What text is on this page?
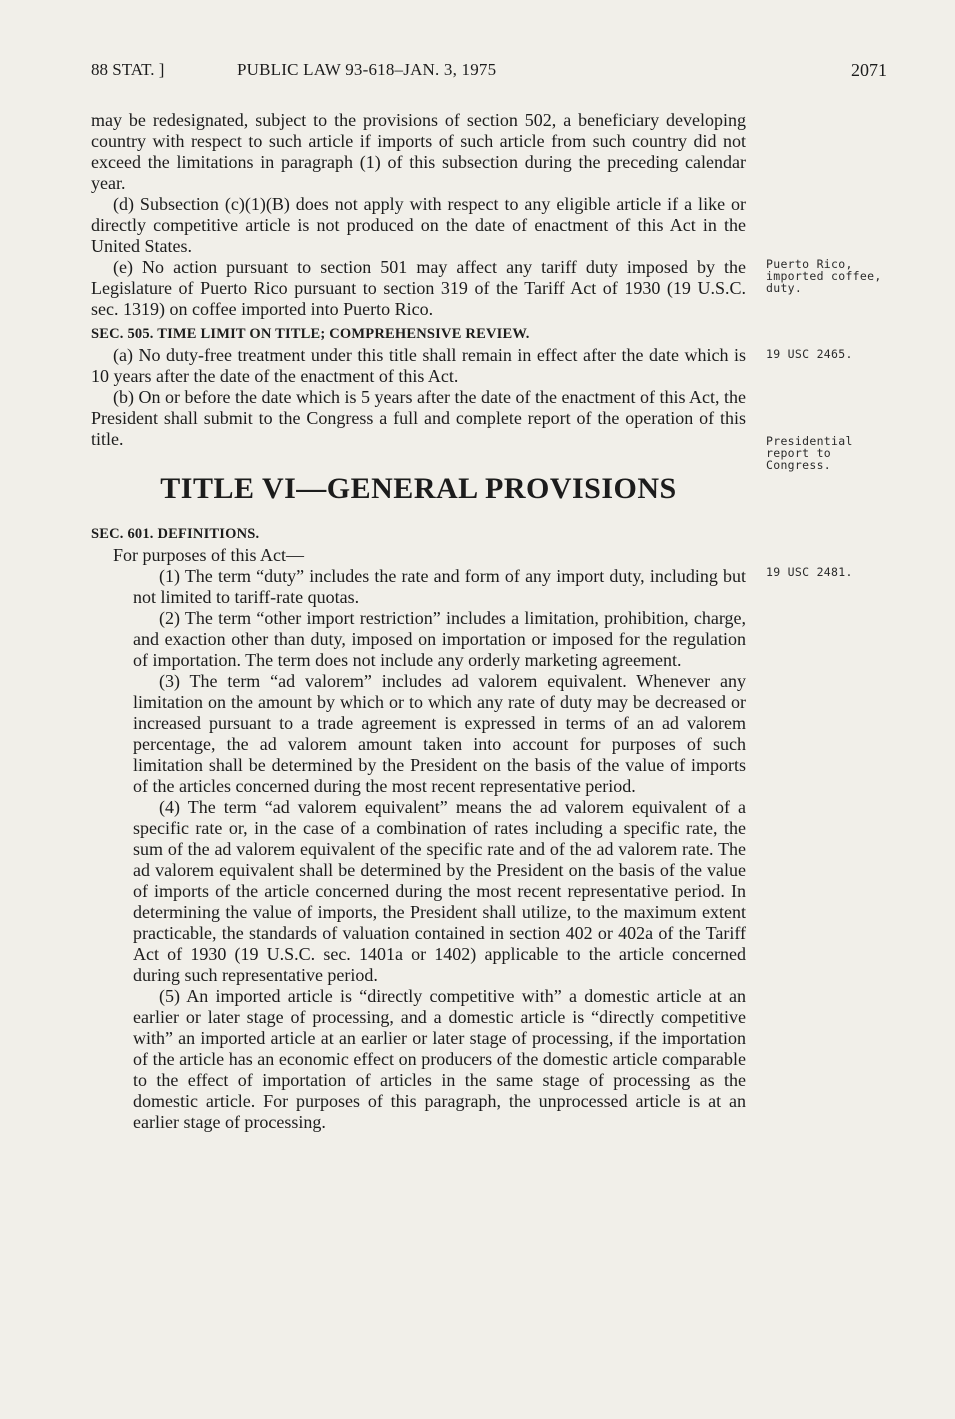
88 STAT. ]	PUBLIC LAW 93-618–JAN. 3, 1975	2071

may be redesignated, subject to the provisions of section 502, a beneficiary developing country with respect to such article if imports of such article from such country did not exceed the limitations in paragraph (1) of this subsection during the preceding calendar year.

(d) Subsection (c)(1)(B) does not apply with respect to any eligible article if a like or directly competitive article is not produced on the date of enactment of this Act in the United States.

(e) No action pursuant to section 501 may affect any tariff duty imposed by the Legislature of Puerto Rico pursuant to section 319 of the Tariff Act of 1930 (19 U.S.C. sec. 1319) on coffee imported into Puerto Rico.

SEC. 505. TIME LIMIT ON TITLE; COMPREHENSIVE REVIEW.

(a) No duty-free treatment under this title shall remain in effect after the date which is 10 years after the date of the enactment of this Act.

(b) On or before the date which is 5 years after the date of the enactment of this Act, the President shall submit to the Congress a full and complete report of the operation of this title.

TITLE VI—GENERAL PROVISIONS

SEC. 601. DEFINITIONS.

For purposes of this Act—

(1) The term “duty” includes the rate and form of any import duty, including but not limited to tariff-rate quotas.

(2) The term “other import restriction” includes a limitation, prohibition, charge, and exaction other than duty, imposed on importation or imposed for the regulation of importation. The term does not include any orderly marketing agreement.

(3) The term “ad valorem” includes ad valorem equivalent. Whenever any limitation on the amount by which or to which any rate of duty may be decreased or increased pursuant to a trade agreement is expressed in terms of an ad valorem percentage, the ad valorem amount taken into account for purposes of such limitation shall be determined by the President on the basis of the value of imports of the articles concerned during the most recent representative period.

(4) The term “ad valorem equivalent” means the ad valorem equivalent of a specific rate or, in the case of a combination of rates including a specific rate, the sum of the ad valorem equivalent of the specific rate and of the ad valorem rate. The ad valorem equivalent shall be determined by the President on the basis of the value of imports of the article concerned during the most recent representative period. In determining the value of imports, the President shall utilize, to the maximum extent practicable, the standards of valuation contained in section 402 or 402a of the Tariff Act of 1930 (19 U.S.C. sec. 1401a or 1402) applicable to the article concerned during such representative period.

(5) An imported article is “directly competitive with” a domestic article at an earlier or later stage of processing, and a domestic article is “directly competitive with” an imported article at an earlier or later stage of processing, if the importation of the article has an economic effect on producers of the domestic article comparable to the effect of importation of articles in the same stage of processing as the domestic article. For purposes of this paragraph, the unprocessed article is at an earlier stage of processing.

Puerto Rico, imported coffee, duty.
19 USC 2465.
Presidential report to Congress.
19 USC 2481.
